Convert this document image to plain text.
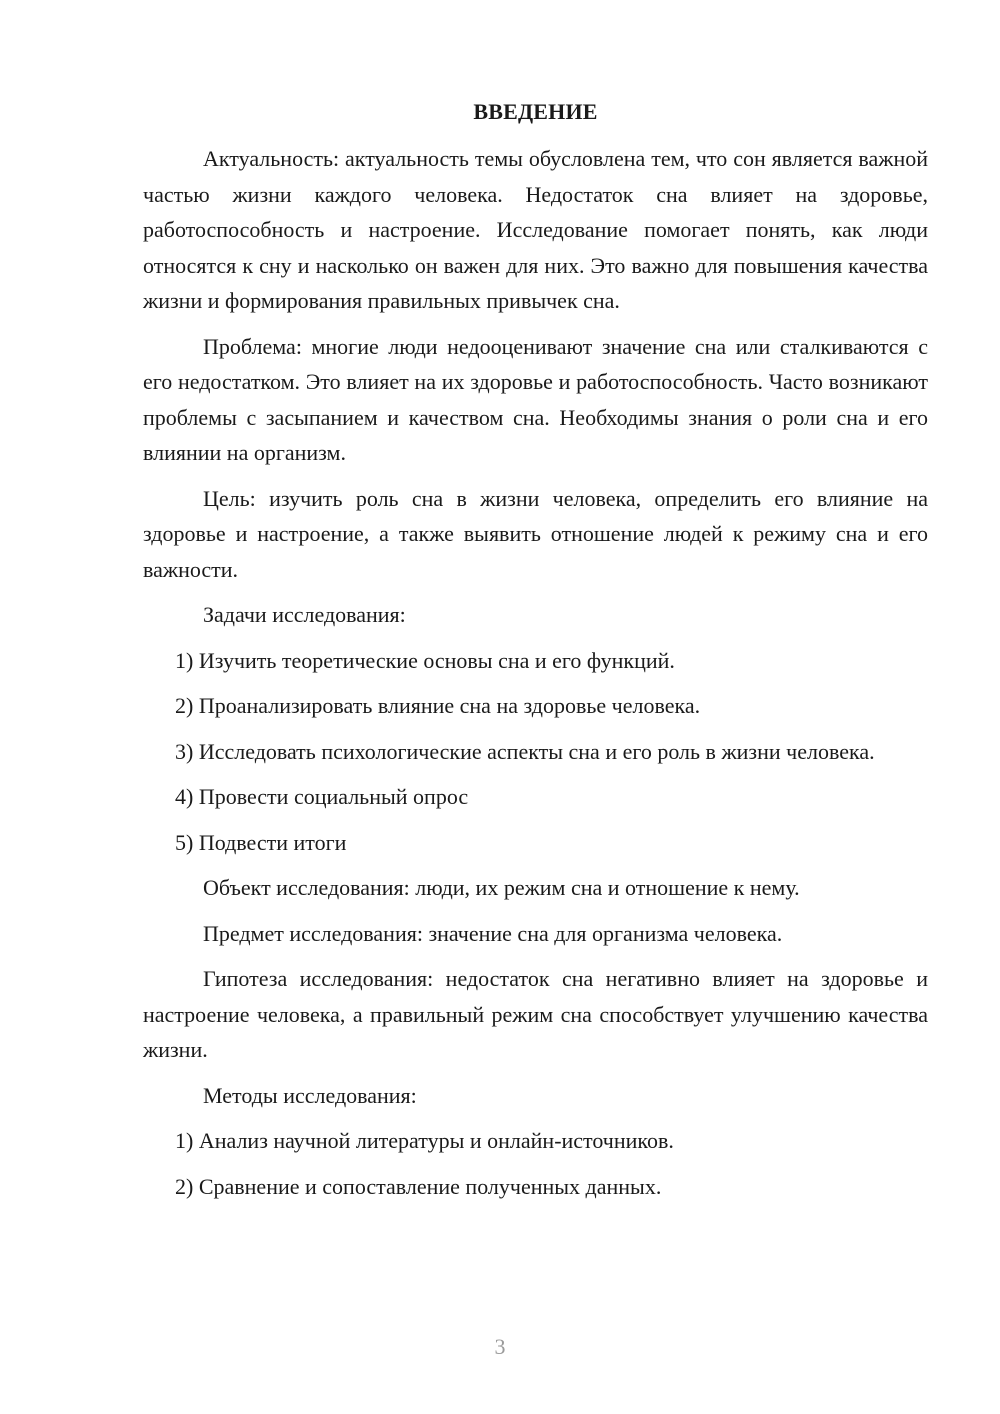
ВВЕДЕНИЕ

Актуальность: актуальность темы обусловлена тем, что сон является важной частью жизни каждого человека. Недостаток сна влияет на здоровье, работоспособность и настроение. Исследование помогает понять, как люди относятся к сну и насколько он важен для них. Это важно для повышения качества жизни и формирования правильных привычек сна.

Проблема: многие люди недооценивают значение сна или сталкиваются с его недостатком. Это влияет на их здоровье и работоспособность. Часто возникают проблемы с засыпанием и качеством сна. Необходимы знания о роли сна и его влиянии на организм.

Цель: изучить роль сна в жизни человека, определить его влияние на здоровье и настроение, а также выявить отношение людей к режиму сна и его важности.

Задачи исследования:

1) Изучить теоретические основы сна и его функций.

2) Проанализировать влияние сна на здоровье человека.

3) Исследовать психологические аспекты сна и его роль в жизни человека.

4) Провести социальный опрос

5) Подвести итоги

Объект исследования: люди, их режим сна и отношение к нему.

Предмет исследования: значение сна для организма человека.

Гипотеза исследования: недостаток сна негативно влияет на здоровье и настроение человека, а правильный режим сна способствует улучшению качества жизни.

Методы исследования:

1) Анализ научной литературы и онлайн-источников.

2) Сравнение и сопоставление полученных данных.

3
